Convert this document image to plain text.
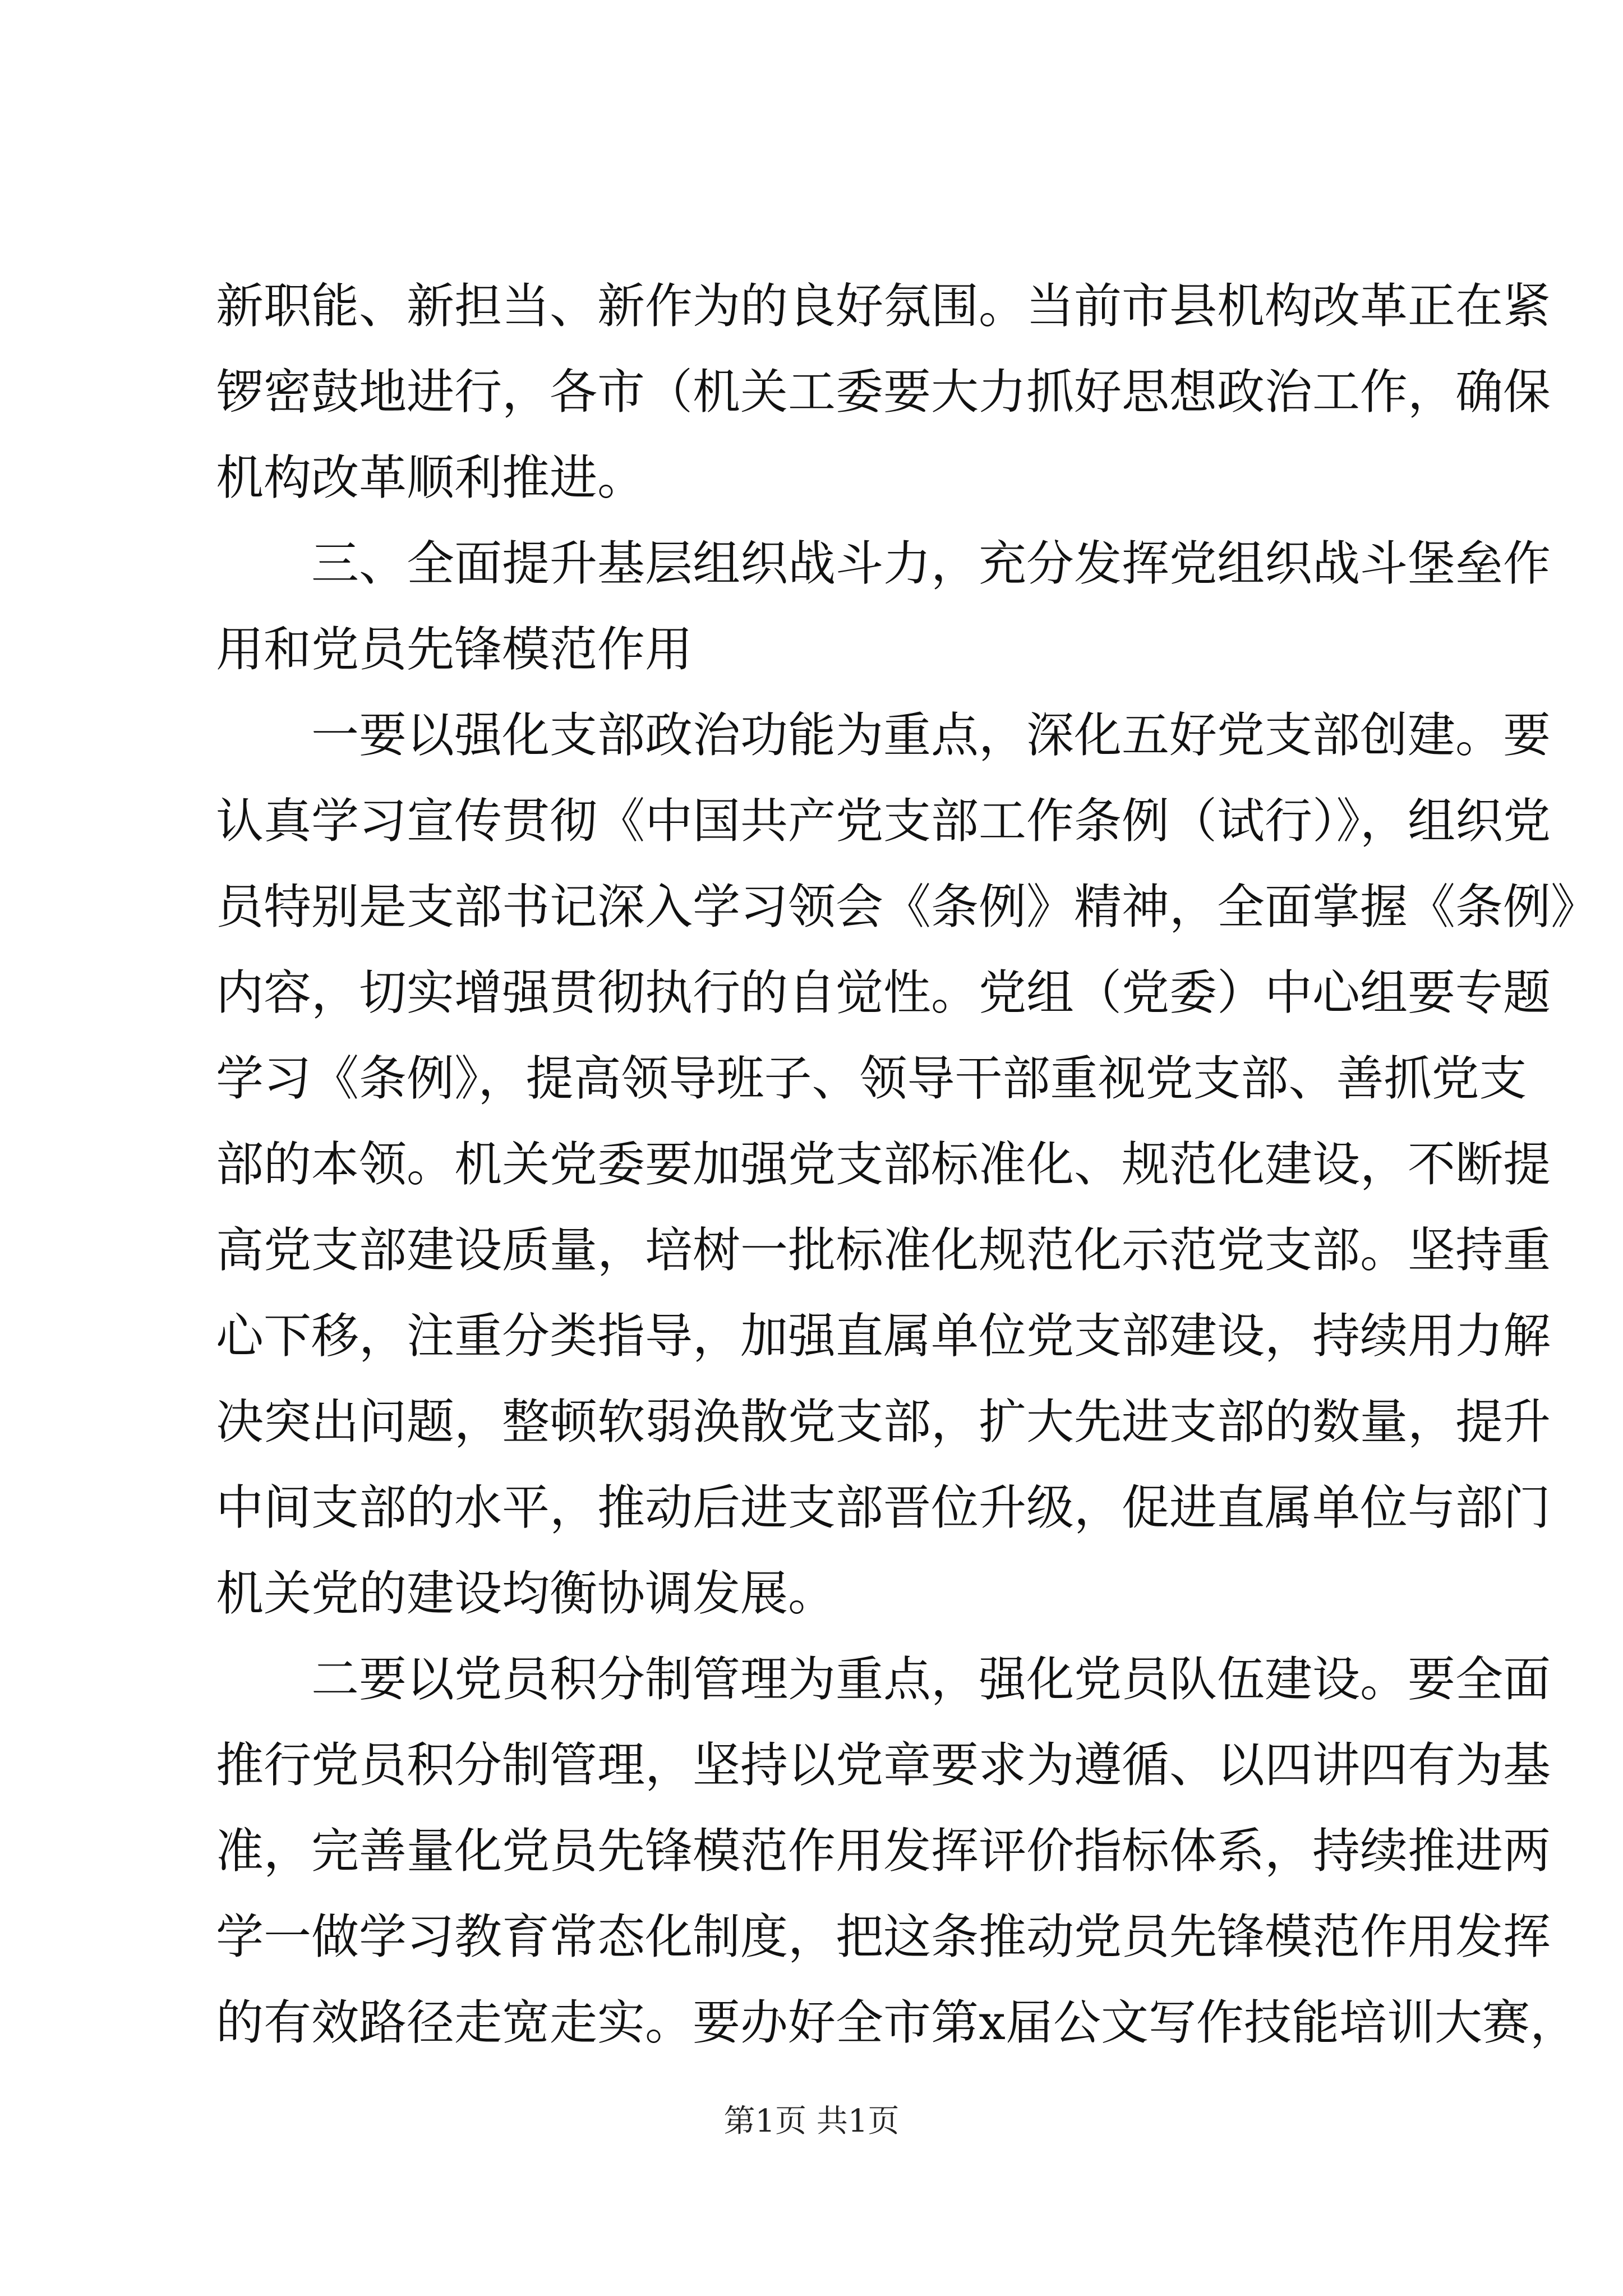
新职能、新担当、新作为的良好氛围。当前市县机构改革正在紧
锣密鼓地进行，各市（机关工委要大力抓好思想政治工作，确保
机构改革顺利推进。
三、全面提升基层组织战斗力，充分发挥党组织战斗堡垒作
用和党员先锋模范作用
一要以强化支部政治功能为重点，深化五好党支部创建。要
认真学习宣传贯彻《中国共产党支部工作条例（试行）》，组织党
员特别是支部书记深入学习领会《条例》精神，全面掌握《条例》
内容，切实增强贯彻执行的自觉性。党组（党委）中心组要专题
学习《条例》，提高领导班子、领导干部重视党支部、善抓党支
部的本领。机关党委要加强党支部标准化、规范化建设，不断提
高党支部建设质量，培树一批标准化规范化示范党支部。坚持重
心下移，注重分类指导，加强直属单位党支部建设，持续用力解
决突出问题，整顿软弱涣散党支部，扩大先进支部的数量，提升
中间支部的水平，推动后进支部晋位升级，促进直属单位与部门
机关党的建设均衡协调发展。
二要以党员积分制管理为重点，强化党员队伍建设。要全面
推行党员积分制管理，坚持以党章要求为遵循、以四讲四有为基
准，完善量化党员先锋模范作用发挥评价指标体系，持续推进两
学一做学习教育常态化制度，把这条推动党员先锋模范作用发挥
的有效路径走宽走实。要办好全市第x届公文写作技能培训大赛，
第1页 共1页
